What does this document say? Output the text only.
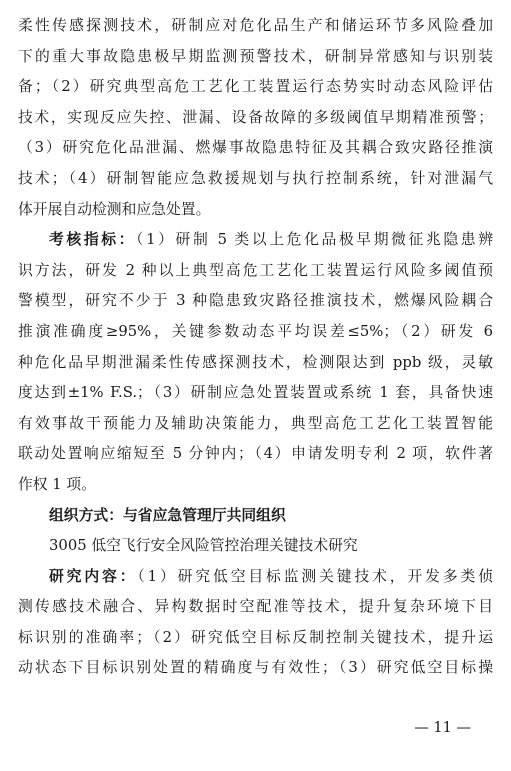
柔性传感探测技术，研制应对危化品生产和储运环节多风险叠加
下的重大事故隐患极早期监测预警技术，研制异常感知与识别装
备；（2）研究典型高危工艺化工装置运行态势实时动态风险评估
技术，实现反应失控、泄漏、设备故障的多级阈值早期精准预警；
（3）研究危化品泄漏、燃爆事故隐患特征及其耦合致灾路径推演
技术；（4）研制智能应急救援规划与执行控制系统，针对泄漏气
体开展自动检测和应急处置。
考核指标：（1）研制 5 类以上危化品极早期微征兆隐患辨
识方法，研发 2 种以上典型高危工艺化工装置运行风险多阈值预
警模型，研究不少于 3 种隐患致灾路径推演技术，燃爆风险耦合
推演准确度≥95%，关键参数动态平均误差≤5%；（2）研发 6
种危化品早期泄漏柔性传感探测技术，检测限达到 ppb 级，灵敏
度达到±1% F.S.；（3）研制应急处置装置或系统 1 套，具备快速
有效事故干预能力及辅助决策能力，典型高危工艺化工装置智能
联动处置响应缩短至 5 分钟内；（4）申请发明专利 2 项，软件著
作权 1 项。
组织方式：与省应急管理厅共同组织
3005 低空飞行安全风险管控治理关键技术研究
研究内容：（1）研究低空目标监测关键技术，开发多类侦
测传感技术融合、异构数据时空配准等技术，提升复杂环境下目
标识别的准确率；（2）研究低空目标反制控制关键技术，提升运
动状态下目标识别处置的精确度与有效性；（3）研究低空目标操
— 11 —
